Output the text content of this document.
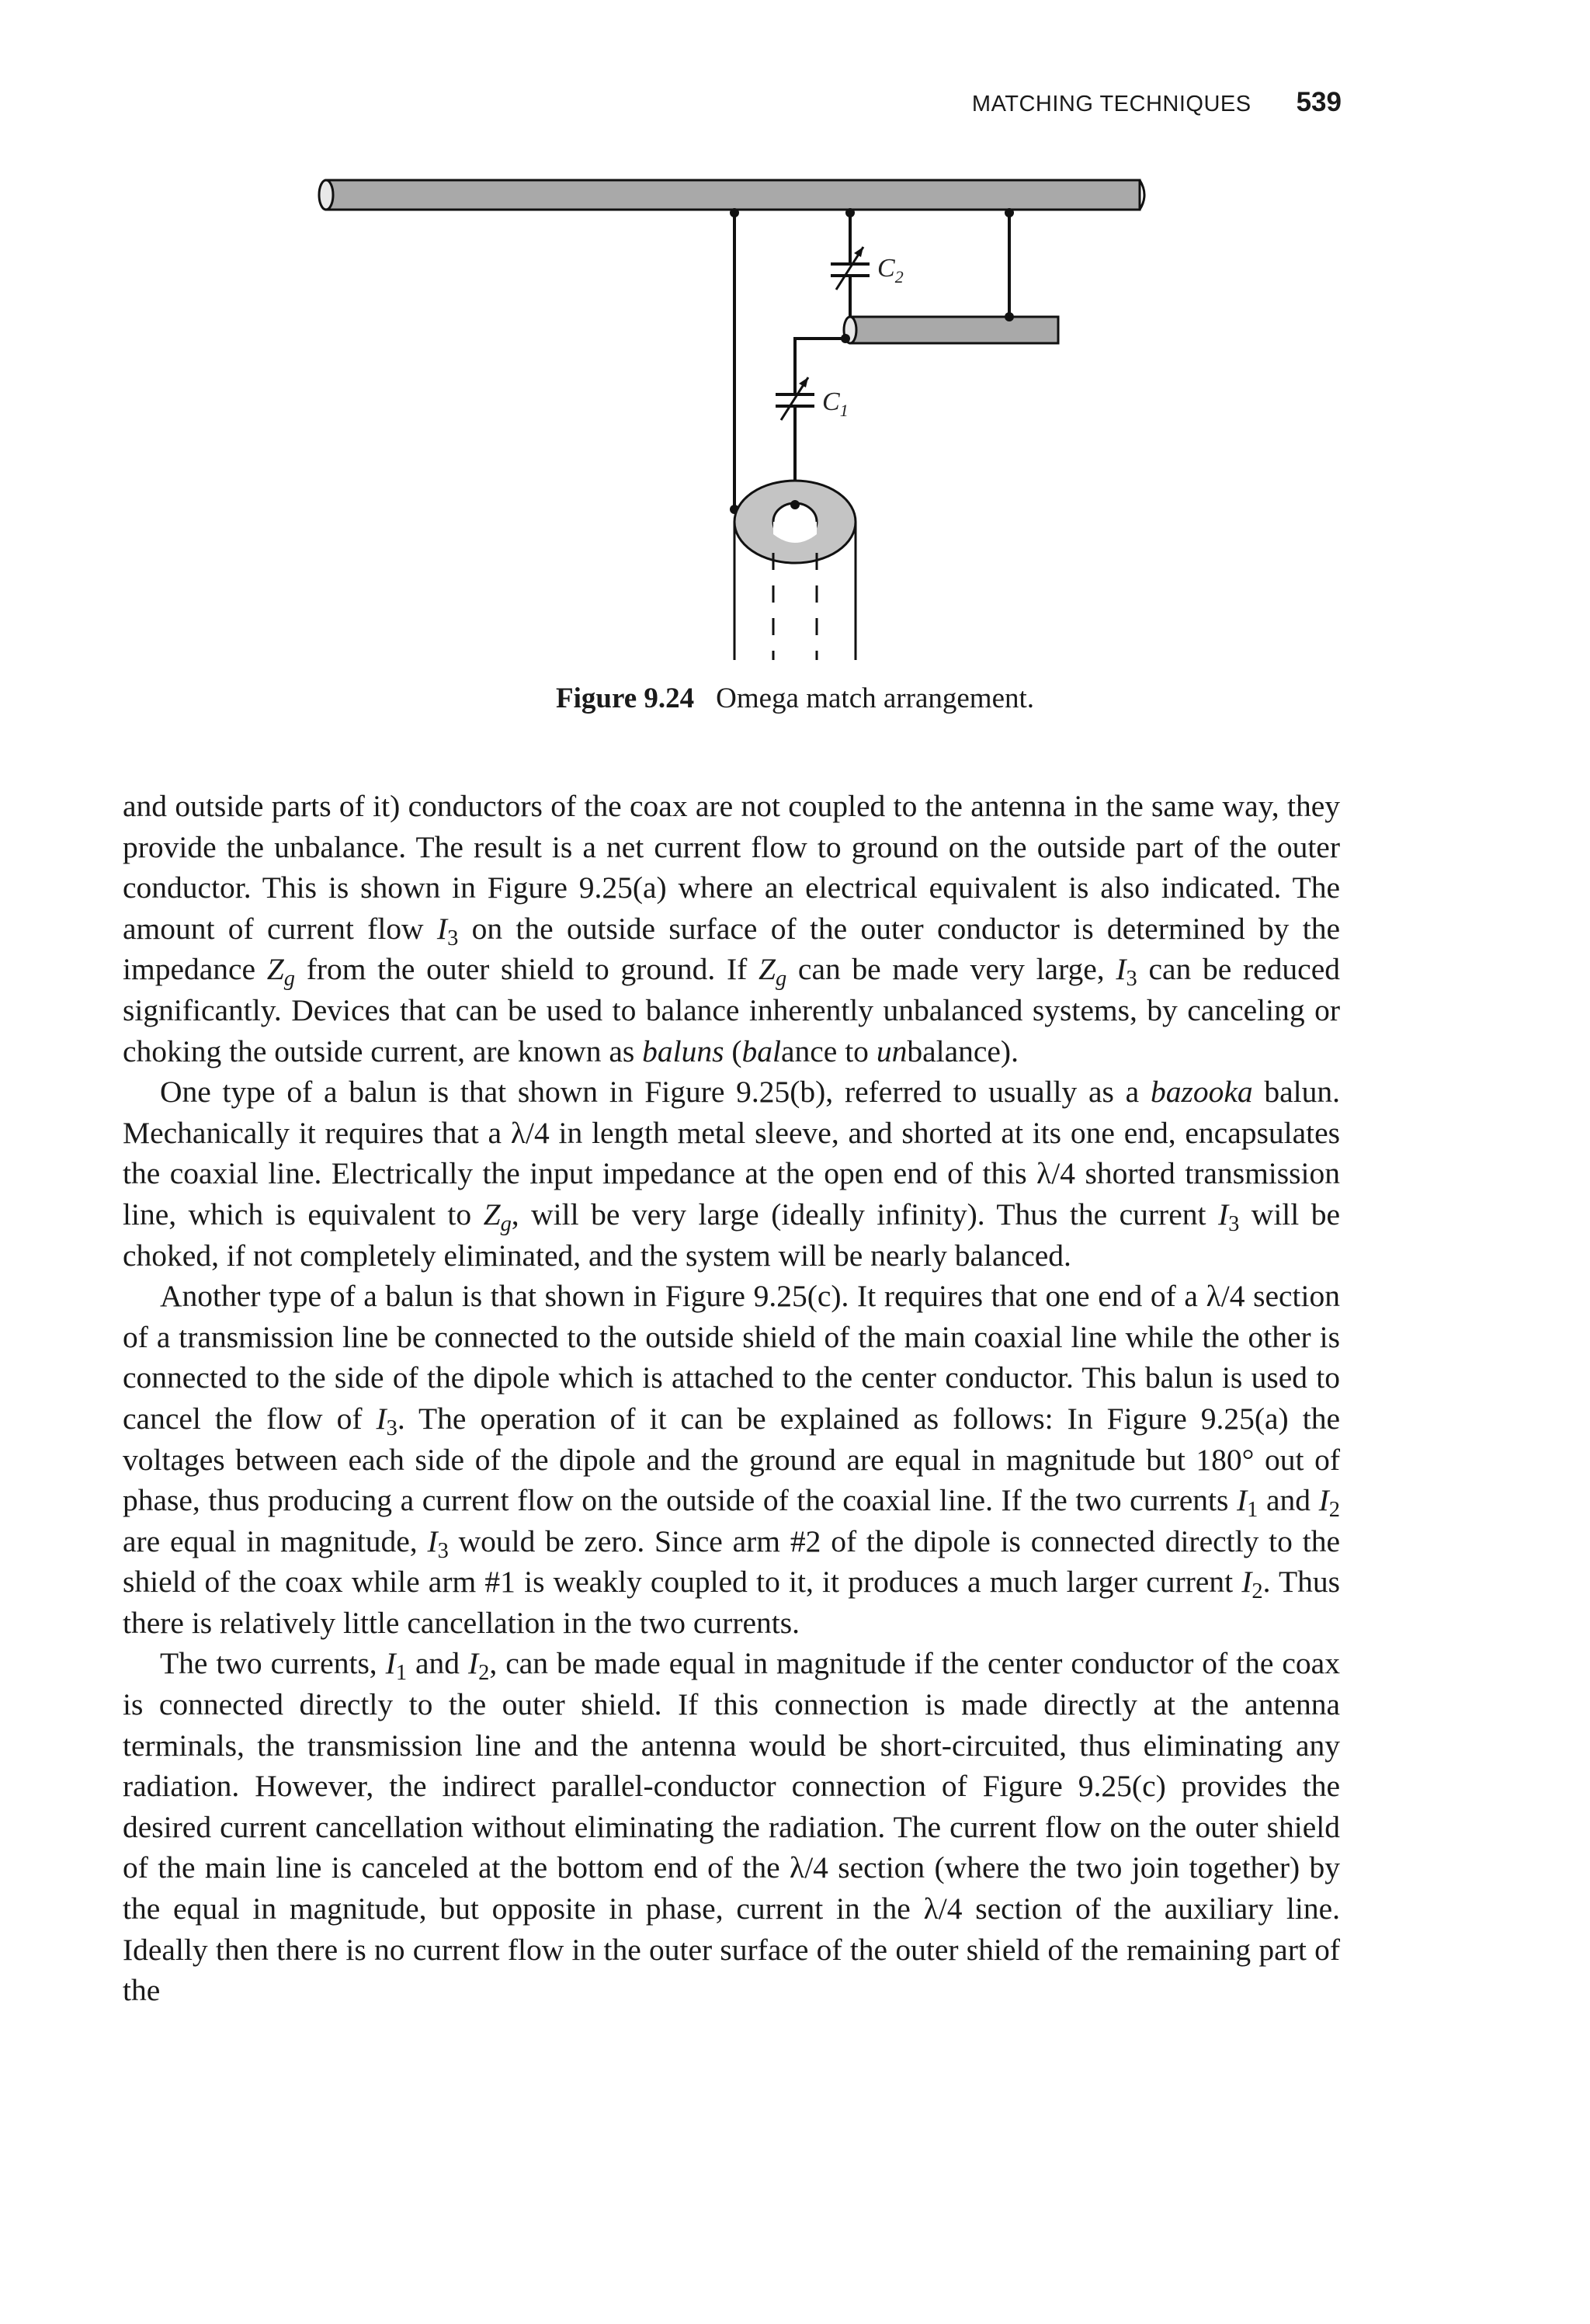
MATCHING TECHNIQUES 539
$C_2$
$C_1$
Figure 9.24 Omega match arrangement.

and outside parts of it) conductors of the coax are not coupled to the antenna in the same way, they provide the unbalance. The result is a net current flow to ground on the outside part of the outer conductor. This is shown in Figure 9.25(a) where an electrical equivalent is also indicated. The amount of current flow $I_3$ on the outside surface of the outer conductor is determined by the impedance $Z_g$ from the outer shield to ground. If $Z_g$ can be made very large, $I_3$ can be reduced significantly. Devices that can be used to balance inherently unbalanced systems, by canceling or choking the outside current, are known as baluns (balance to unbalance).

One type of a balun is that shown in Figure 9.25(b), referred to usually as a bazooka balun. Mechanically it requires that a λ/4 in length metal sleeve, and shorted at its one end, encapsulates the coaxial line. Electrically the input impedance at the open end of this λ/4 shorted transmission line, which is equivalent to $Z_g$, will be very large (ideally infinity). Thus the current $I_3$ will be choked, if not completely eliminated, and the system will be nearly balanced.

Another type of a balun is that shown in Figure 9.25(c). It requires that one end of a λ/4 section of a transmission line be connected to the outside shield of the main coaxial line while the other is connected to the side of the dipole which is attached to the center conductor. This balun is used to cancel the flow of $I_3$. The operation of it can be explained as follows: In Figure 9.25(a) the voltages between each side of the dipole and the ground are equal in magnitude but 180° out of phase, thus producing a current flow on the outside of the coaxial line. If the two currents $I_1$ and $I_2$ are equal in magnitude, $I_3$ would be zero. Since arm #2 of the dipole is connected directly to the shield of the coax while arm #1 is weakly coupled to it, it produces a much larger current $I_2$. Thus there is relatively little cancellation in the two currents.

The two currents, $I_1$ and $I_2$, can be made equal in magnitude if the center conductor of the coax is connected directly to the outer shield. If this connection is made directly at the antenna terminals, the transmission line and the antenna would be short-circuited, thus eliminating any radiation. However, the indirect parallel-conductor connection of Figure 9.25(c) provides the desired current cancellation without eliminating the radiation. The current flow on the outer shield of the main line is canceled at the bottom end of the λ/4 section (where the two join together) by the equal in magnitude, but opposite in phase, current in the λ/4 section of the auxiliary line. Ideally then there is no current flow in the outer surface of the outer shield of the remaining part of the
